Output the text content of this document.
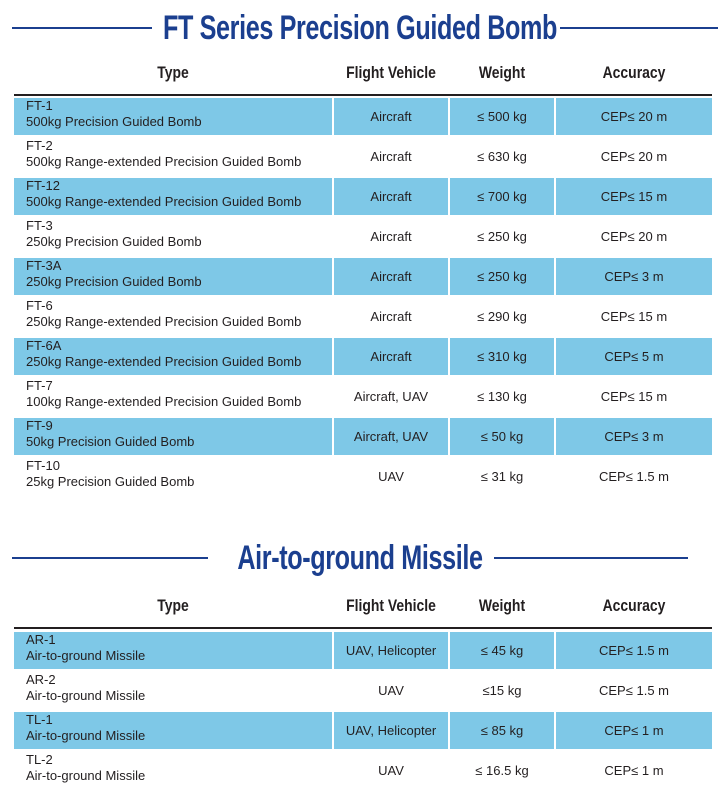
FT Series Precision Guided Bomb
Type	Flight Vehicle	Weight	Accuracy
FT-1
500kg Precision Guided Bomb	Aircraft	≤ 500 kg	CEP≤ 20 m
FT-2
500kg Range-extended Precision Guided Bomb	Aircraft	≤ 630 kg	CEP≤ 20 m
FT-12
500kg Range-extended Precision Guided Bomb	Aircraft	≤ 700 kg	CEP≤ 15 m
FT-3
250kg Precision Guided Bomb	Aircraft	≤ 250 kg	CEP≤ 20 m
FT-3A
250kg Precision Guided Bomb	Aircraft	≤ 250 kg	CEP≤ 3 m
FT-6
250kg Range-extended Precision Guided Bomb	Aircraft	≤ 290 kg	CEP≤ 15 m
FT-6A
250kg Range-extended Precision Guided Bomb	Aircraft	≤ 310 kg	CEP≤ 5 m
FT-7
100kg Range-extended Precision Guided Bomb	Aircraft, UAV	≤ 130 kg	CEP≤ 15 m
FT-9
50kg Precision Guided Bomb	Aircraft, UAV	≤ 50 kg	CEP≤ 3 m
FT-10
25kg Precision Guided Bomb	UAV	≤ 31 kg	CEP≤ 1.5 m
Air-to-ground Missile
Type	Flight Vehicle	Weight	Accuracy
AR-1
Air-to-ground Missile	UAV, Helicopter	≤ 45 kg	CEP≤ 1.5 m
AR-2
Air-to-ground Missile	UAV	≤15 kg	CEP≤ 1.5 m
TL-1
Air-to-ground Missile	UAV, Helicopter	≤ 85 kg	CEP≤ 1 m
TL-2
Air-to-ground Missile	UAV	≤ 16.5 kg	CEP≤ 1 m
